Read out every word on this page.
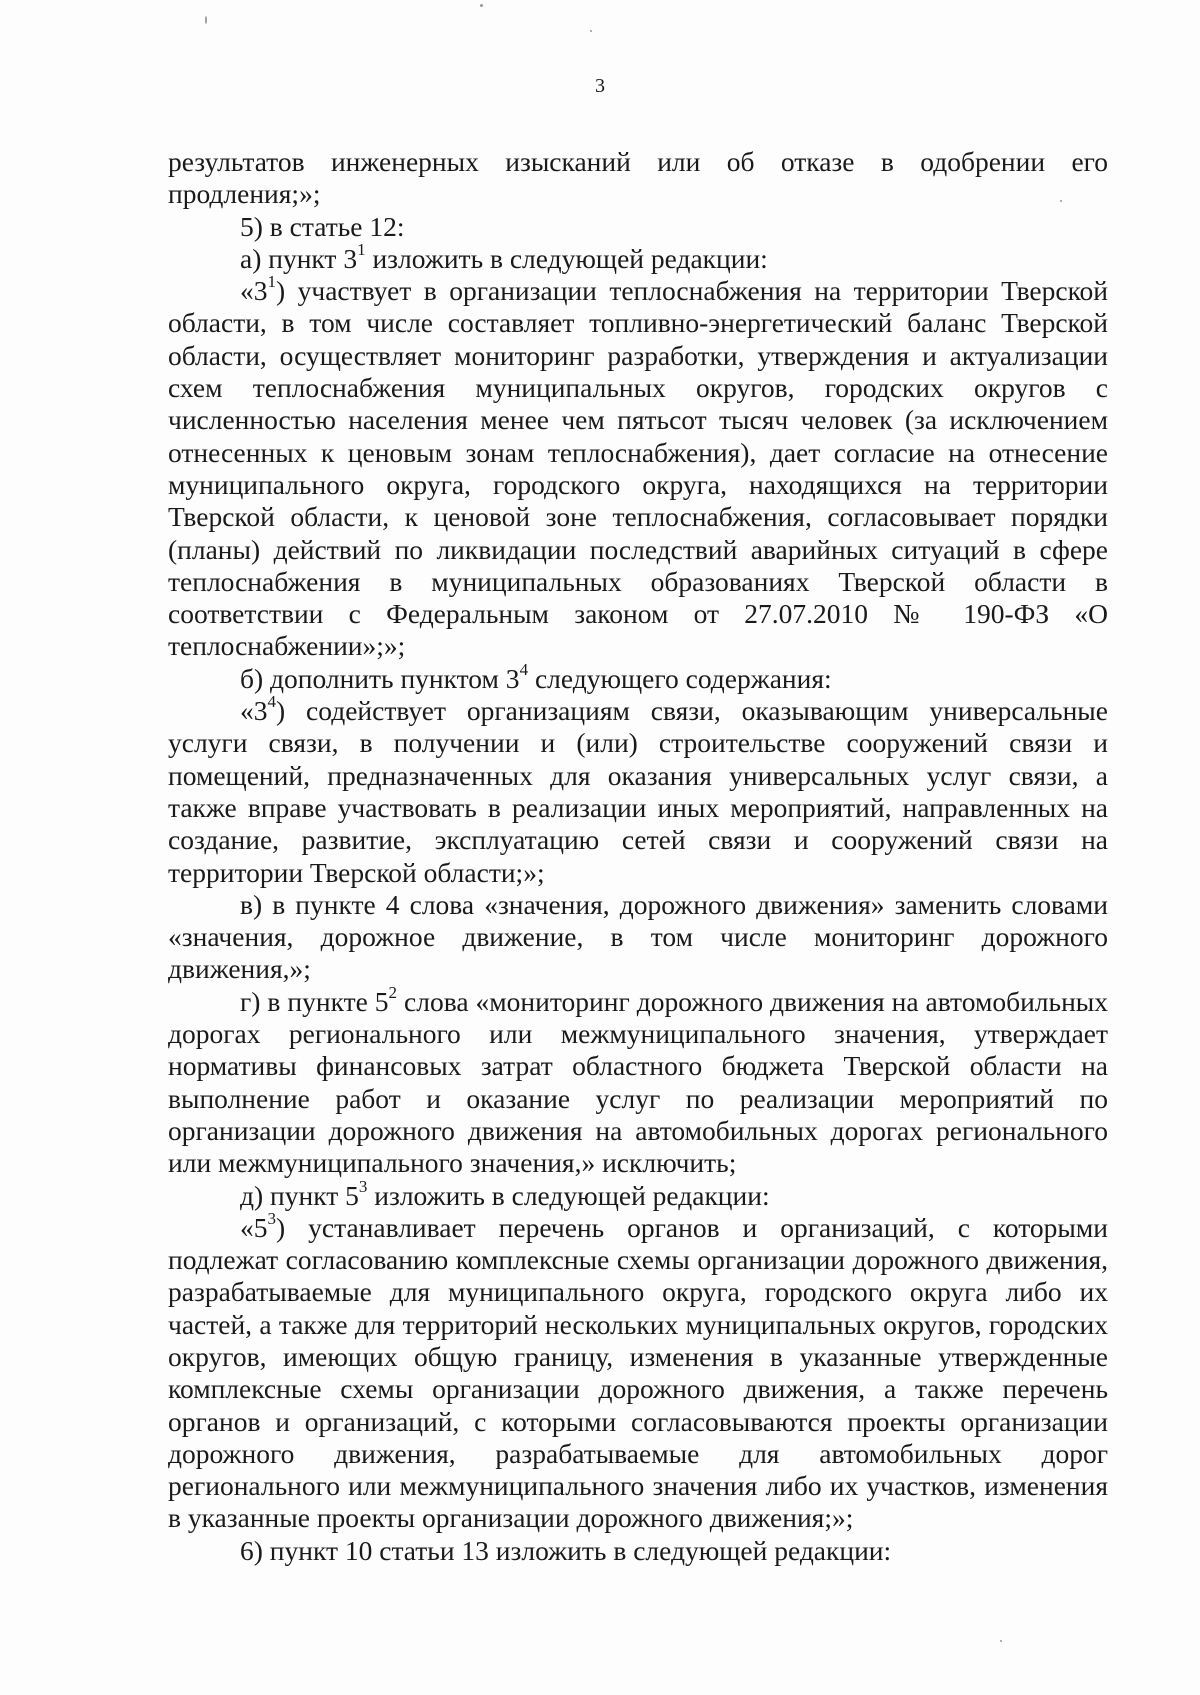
3

результатов инженерных изысканий или об отказе в одобрении его продления;»;

5) в статье 12:

а) пункт $3^1$ изложить в следующей редакции:

«$3^1$) участвует в организации теплоснабжения на территории Тверской области, в том числе составляет топливно-энергетический баланс Тверской области, осуществляет мониторинг разработки, утверждения и актуализации схем теплоснабжения муниципальных округов, городских округов с численностью населения менее чем пятьсот тысяч человек (за исключением отнесенных к ценовым зонам теплоснабжения), дает согласие на отнесение муниципального округа, городского округа, находящихся на территории Тверской области, к ценовой зоне теплоснабжения, согласовывает порядки (планы) действий по ликвидации последствий аварийных ситуаций в сфере теплоснабжения в муниципальных образованиях Тверской области в соответствии с Федеральным законом от 27.07.2010 № 190-ФЗ «О теплоснабжении»;»;

б) дополнить пунктом $3^4$ следующего содержания:

«$3^4$) содействует организациям связи, оказывающим универсальные услуги связи, в получении и (или) строительстве сооружений связи и помещений, предназначенных для оказания универсальных услуг связи, а также вправе участвовать в реализации иных мероприятий, направленных на создание, развитие, эксплуатацию сетей связи и сооружений связи на территории Тверской области;»;

в) в пункте 4 слова «значения, дорожного движения» заменить словами «значения, дорожное движение, в том числе мониторинг дорожного движения,»;

г) в пункте $5^2$ слова «мониторинг дорожного движения на автомобильных дорогах регионального или межмуниципального значения, утверждает нормативы финансовых затрат областного бюджета Тверской области на выполнение работ и оказание услуг по реализации мероприятий по организации дорожного движения на автомобильных дорогах регионального или межмуниципального значения,» исключить;

д) пункт $5^3$ изложить в следующей редакции:

«$5^3$) устанавливает перечень органов и организаций, с которыми подлежат согласованию комплексные схемы организации дорожного движения, разрабатываемые для муниципального округа, городского округа либо их частей, а также для территорий нескольких муниципальных округов, городских округов, имеющих общую границу, изменения в указанные утвержденные комплексные схемы организации дорожного движения, а также перечень органов и организаций, с которыми согласовываются проекты организации дорожного движения, разрабатываемые для автомобильных дорог регионального или межмуниципального значения либо их участков, изменения в указанные проекты организации дорожного движения;»;

6) пункт 10 статьи 13 изложить в следующей редакции:
